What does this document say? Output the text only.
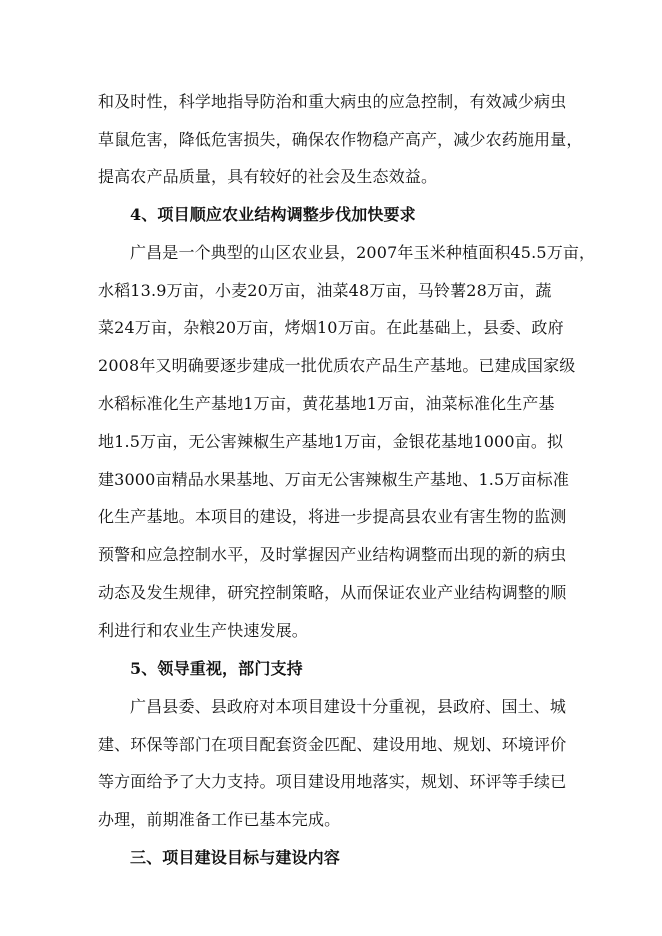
和及时性，科学地指导防治和重大病虫的应急控制，有效减少病虫
草鼠危害，降低危害损失，确保农作物稳产高产，减少农药施用量，
提高农产品质量，具有较好的社会及生态效益。
4、项目顺应农业结构调整步伐加快要求
广昌是一个典型的山区农业县，2007年玉米种植面积45.5万亩，
水稻13.9万亩，小麦20万亩，油菜48万亩，马铃薯28万亩，蔬
菜24万亩，杂粮20万亩，烤烟10万亩。在此基础上，县委、政府
2008年又明确要逐步建成一批优质农产品生产基地。已建成国家级
水稻标准化生产基地1万亩，黄花基地1万亩，油菜标准化生产基
地1.5万亩，无公害辣椒生产基地1万亩，金银花基地1000亩。拟
建3000亩精品水果基地、万亩无公害辣椒生产基地、1.5万亩标准
化生产基地。本项目的建设，将进一步提高县农业有害生物的监测
预警和应急控制水平，及时掌握因产业结构调整而出现的新的病虫
动态及发生规律，研究控制策略，从而保证农业产业结构调整的顺
利进行和农业生产快速发展。
5、领导重视，部门支持
广昌县委、县政府对本项目建设十分重视，县政府、国土、城
建、环保等部门在项目配套资金匹配、建设用地、规划、环境评价
等方面给予了大力支持。项目建设用地落实，规划、环评等手续已
办理，前期准备工作已基本完成。
三、项目建设目标与建设内容
